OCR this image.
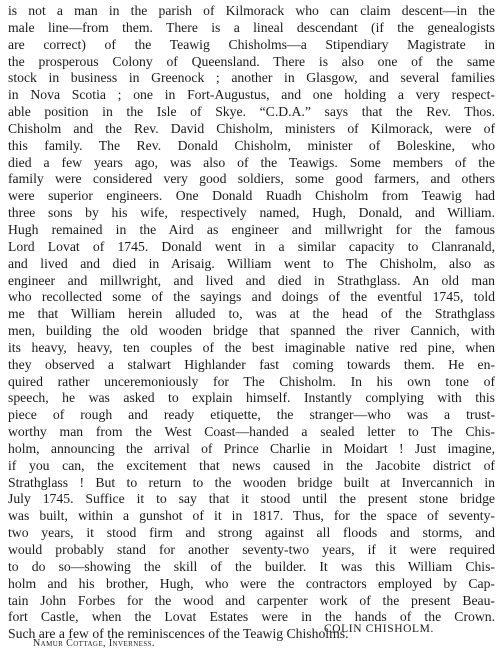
is not a man in the parish of Kilmorack who can claim descent—in the
male line—from them. There is a lineal descendant (if the genealogists
are correct) of the Teawig Chisholms—a Stipendiary Magistrate in
the prosperous Colony of Queensland. There is also one of the same
stock in business in Greenock ; another in Glasgow, and several families
in Nova Scotia ; one in Fort-Augustus, and one holding a very respect-
able position in the Isle of Skye. “C.D.A.” says that the Rev. Thos.
Chisholm and the Rev. David Chisholm, ministers of Kilmorack, were of
this family. The Rev. Donald Chisholm, minister of Boleskine, who
died a few years ago, was also of the Teawigs. Some members of the
family were considered very good soldiers, some good farmers, and others
were superior engineers. One Donald Ruadh Chisholm from Teawig had
three sons by his wife, respectively named, Hugh, Donald, and William.
Hugh remained in the Aird as engineer and millwright for the famous
Lord Lovat of 1745. Donald went in a similar capacity to Clanranald,
and lived and died in Arisaig. William went to The Chisholm, also as
engineer and millwright, and lived and died in Strathglass. An old man
who recollected some of the sayings and doings of the eventful 1745, told
me that William herein alluded to, was at the head of the Strathglass
men, building the old wooden bridge that spanned the river Cannich, with
its heavy, heavy, ten couples of the best imaginable native red pine, when
they observed a stalwart Highlander fast coming towards them. He en-
quired rather unceremoniously for The Chisholm. In his own tone of
speech, he was asked to explain himself. Instantly complying with this
piece of rough and ready etiquette, the stranger—who was a trust-
worthy man from the West Coast—handed a sealed letter to The Chis-
holm, announcing the arrival of Prince Charlie in Moidart ! Just imagine,
if you can, the excitement that news caused in the Jacobite district of
Strathglass ! But to return to the wooden bridge built at Invercannich in
July 1745. Suffice it to say that it stood until the present stone bridge
was built, within a gunshot of it in 1817. Thus, for the space of seventy-
two years, it stood firm and strong against all floods and storms, and
would probably stand for another seventy-two years, if it were required
to do so—showing the skill of the builder. It was this William Chis-
holm and his brother, Hugh, who were the contractors employed by Cap-
tain John Forbes for the wood and carpenter work of the present Beau-
fort Castle, when the Lovat Estates were in the hands of the Crown.
Such are a few of the reminiscences of the Teawig Chisholms.
COLIN CHISHOLM.
Namur Cottage, Inverness.
